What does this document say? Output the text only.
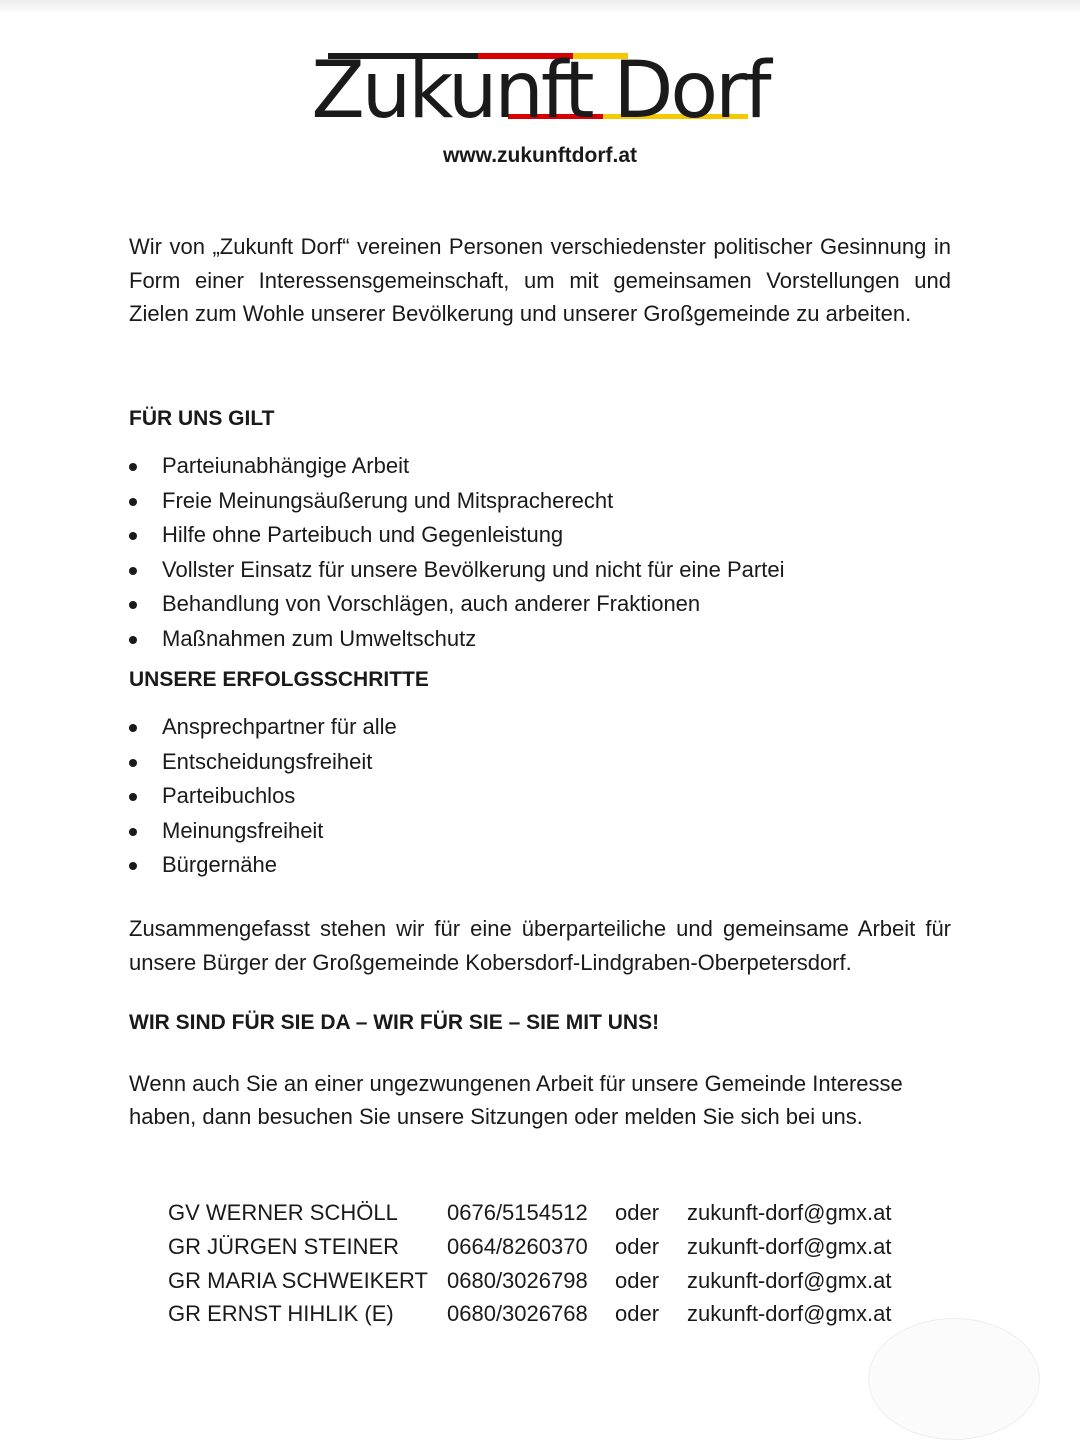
Zukunft Dorf
www.zukunftdorf.at

Wir von „Zukunft Dorf“ vereinen Personen verschiedenster politischer Gesinnung in Form einer Interessensgemeinschaft, um mit gemeinsamen Vorstellungen und Zielen zum Wohle unserer Bevölkerung und unserer Großgemeinde zu arbeiten.

FÜR UNS GILT

Parteiunabhängige Arbeit
Freie Meinungsäußerung und Mitspracherecht
Hilfe ohne Parteibuch und Gegenleistung
Vollster Einsatz für unsere Bevölkerung und nicht für eine Partei
Behandlung von Vorschlägen, auch anderer Fraktionen
Maßnahmen zum Umweltschutz

UNSERE ERFOLGSSCHRITTE

Ansprechpartner für alle
Entscheidungsfreiheit
Parteibuchlos
Meinungsfreiheit
Bürgernähe

Zusammengefasst stehen wir für eine überparteiliche und gemeinsame Arbeit für unsere Bürger der Großgemeinde Kobersdorf-Lindgraben-Oberpetersdorf.

WIR SIND FÜR SIE DA – WIR FÜR SIE – SIE MIT UNS!

Wenn auch Sie an einer ungezwungenen Arbeit für unsere Gemeinde Interesse haben, dann besuchen Sie unsere Sitzungen oder melden Sie sich bei uns.

GV WERNER SCHÖLL 0676/5154512 oder zukunft-dorf@gmx.at
GR JÜRGEN STEINER 0664/8260370 oder zukunft-dorf@gmx.at
GR MARIA SCHWEIKERT 0680/3026798 oder zukunft-dorf@gmx.at
GR ERNST HIHLIK (E) 0680/3026768 oder zukunft-dorf@gmx.at
